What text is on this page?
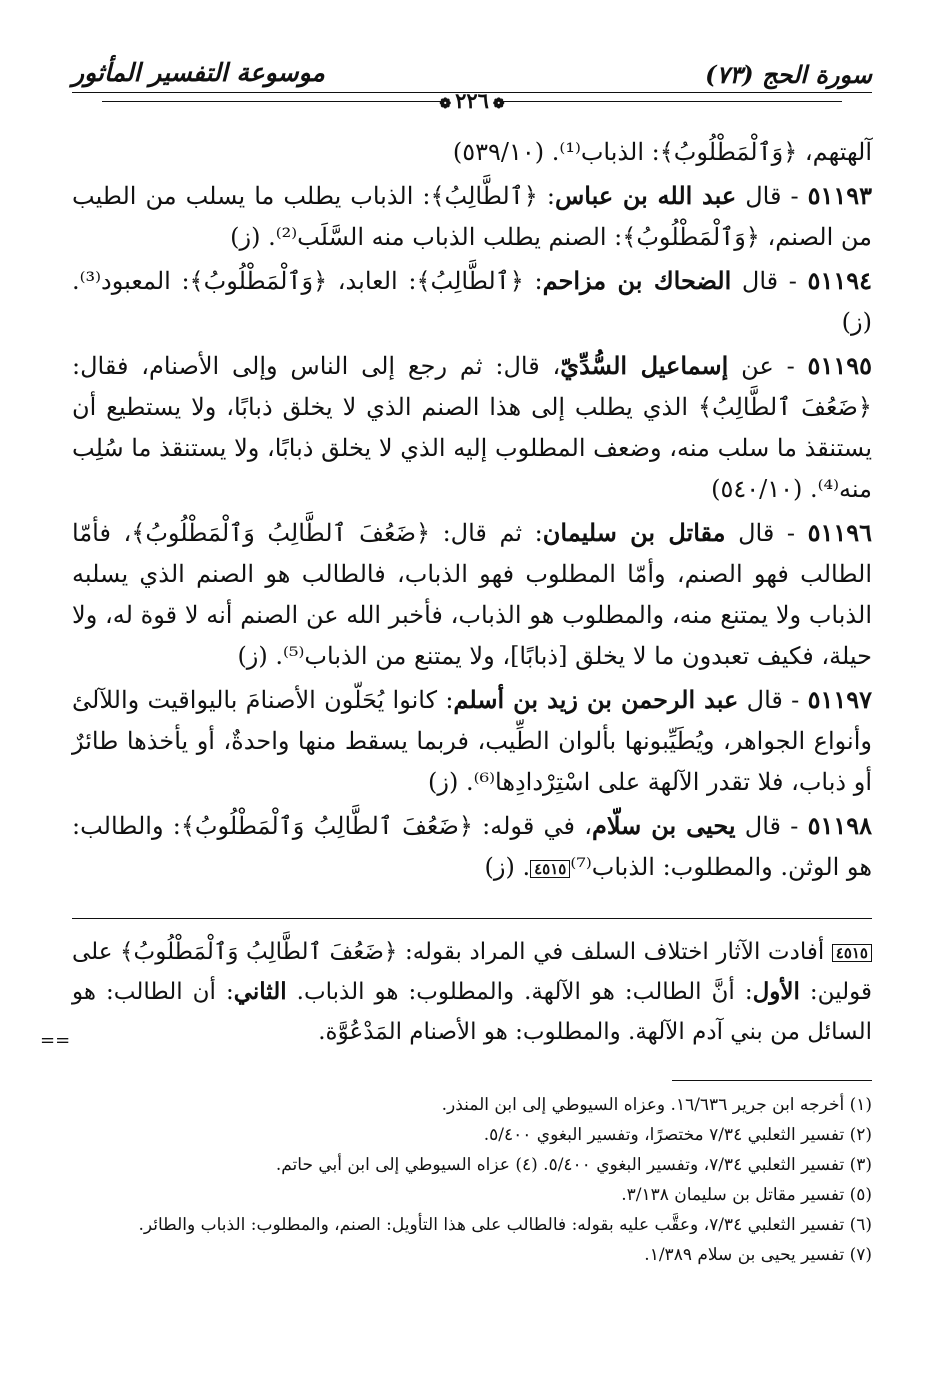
سورة الحج (٧٣)
موسوعة التفسير المأثور
❁٢٢٦❁

آلهتهم، ﴿وَٱلْمَطْلُوبُ﴾: الذباب⁽¹⁾. (٥٣٩/١٠)

٥١١٩٣ - قال عبد الله بن عباس: ﴿ٱلطَّالِبُ﴾: الذباب يطلب ما يسلب من الطيب من الصنم، ﴿وَٱلْمَطْلُوبُ﴾: الصنم يطلب الذباب منه السَّلَب⁽²⁾. (ز)

٥١١٩٤ - قال الضحاك بن مزاحم: ﴿ٱلطَّالِبُ﴾: العابد، ﴿وَٱلْمَطْلُوبُ﴾: المعبود⁽³⁾. (ز)

٥١١٩٥ - عن إسماعيل السُّدِّيّ، قال: ثم رجع إلى الناس وإلى الأصنام، فقال: ﴿ضَعُفَ ٱلطَّالِبُ﴾ الذي يطلب إلى هذا الصنم الذي لا يخلق ذبابًا، ولا يستطيع أن يستنقذ ما سلب منه، وضعف المطلوب إليه الذي لا يخلق ذبابًا، ولا يستنقذ ما سُلِب منه⁽⁴⁾. (٥٤٠/١٠)

٥١١٩٦ - قال مقاتل بن سليمان: ثم قال: ﴿ضَعُفَ ٱلطَّالِبُ وَٱلْمَطْلُوبُ﴾، فأمّا الطالب فهو الصنم، وأمّا المطلوب فهو الذباب، فالطالب هو الصنم الذي يسلبه الذباب ولا يمتنع منه، والمطلوب هو الذباب، فأخبر الله عن الصنم أنه لا قوة له، ولا حيلة، فكيف تعبدون ما لا يخلق [ذبابًا]، ولا يمتنع من الذباب⁽⁵⁾. (ز)

٥١١٩٧ - قال عبد الرحمن بن زيد بن أسلم: كانوا يُحَلّون الأصنامَ باليواقيت واللآلئ وأنواع الجواهر، ويُطَيِّبونها بألوان الطِّيب، فربما يسقط منها واحدةٌ، أو يأخذها طائرٌ أو ذباب، فلا تقدر الآلهة على اسْتِرْدادِها⁽⁶⁾. (ز)

٥١١٩٨ - قال يحيى بن سلّام، في قوله: ﴿ضَعُفَ ٱلطَّالِبُ وَٱلْمَطْلُوبُ﴾: والطالب: هو الوثن. والمطلوب: الذباب⁽⁷⁾٤٥١٥. (ز)

٤٥١٥ أفادت الآثار اختلاف السلف في المراد بقوله: ﴿ضَعُفَ ٱلطَّالِبُ وَٱلْمَطْلُوبُ﴾ على قولين: الأول: أنَّ الطالب: هو الآلهة. والمطلوب: هو الذباب. الثاني: أن الطالب: هو السائل من بني آدم الآلهة. والمطلوب: هو الأصنام المَدْعُوَّة.
==

(١) أخرجه ابن جرير ١٦/٦٣٦. وعزاه السيوطي إلى ابن المنذر.

(٢) تفسير الثعلبي ٧/٣٤ مختصرًا، وتفسير البغوي ٥/٤٠٠.

(٣) تفسير الثعلبي ٧/٣٤، وتفسير البغوي ٥/٤٠٠. (٤) عزاه السيوطي إلى ابن أبي حاتم.

(٥) تفسير مقاتل بن سليمان ٣/١٣٨.

(٦) تفسير الثعلبي ٧/٣٤، وعقَّب عليه بقوله: فالطالب على هذا التأويل: الصنم، والمطلوب: الذباب والطائر.

(٧) تفسير يحيى بن سلام ١/٣٨٩.
